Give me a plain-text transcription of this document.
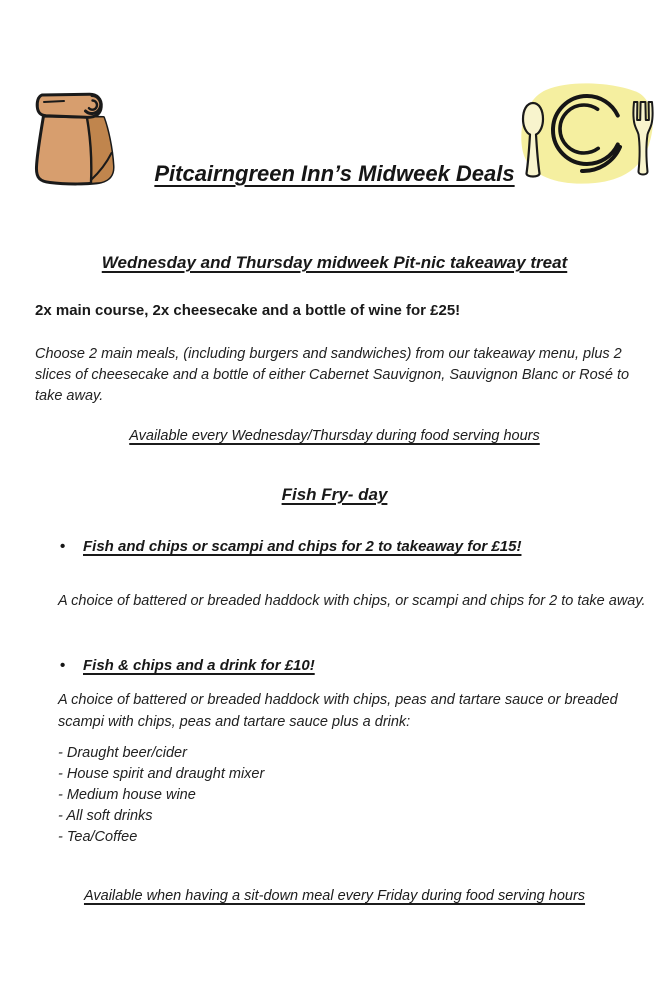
Pitcairngreen Inn’s Midweek Deals
Wednesday and Thursday midweek Pit-nic takeaway treat
2x main course, 2x cheesecake and a bottle of wine for £25!
Choose 2 main meals, (including burgers and sandwiches) from our takeaway menu, plus 2 slices of cheesecake and a bottle of either Cabernet Sauvignon, Sauvignon Blanc or Rosé to take away.
Available every Wednesday/Thursday during food serving hours
Fish Fry- day
•	Fish and chips or scampi and chips for 2 to takeaway for £15!
A choice of battered or breaded haddock with chips, or scampi and chips for 2 to take away.
•	Fish & chips and a drink for £10!
A choice of battered or breaded haddock with chips, peas and tartare sauce or breaded scampi with chips, peas and tartare sauce plus a drink:
- Draught beer/cider
- House spirit and draught mixer
- Medium house wine
- All soft drinks
- Tea/Coffee
Available when having a sit-down meal every Friday during food serving hours
